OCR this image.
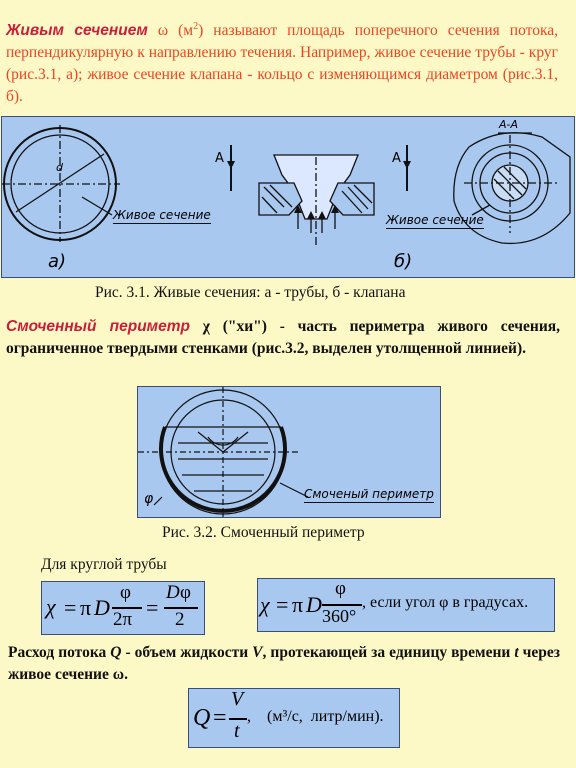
Живым сечением ω $(м^2)$ называют площадь поперечного сечения потока, перпендикулярную к направлению течения. Например, живое сечение трубы - круг (рис.3.1, а); живое сечение клапана - кольцо с изменяющимся диаметром (рис.3.1, б).
d
Живое сечение
А	А
Живое сечение
А-А
а)	б)
Рис. 3.1. Живые сечения: а - трубы, б - клапана
Смоченный периметр χ ("хи") - часть периметра живого сечения, ограниченное твердыми стенками (рис.3.2, выделен утолщенной линией).
φ	Смоченый периметр
Рис. 3.2. Смоченный периметр
Для круглой трубы
χ = π D
φ
2π =
D φ
2
χ = π D
φ
360°
, если угол φ в градусах.
Расход потока Q - объем жидкости V, протекающей за единицу времени t через живое сечение ω.
Q =
V
t
,    (м³/с,  литр/мин).
